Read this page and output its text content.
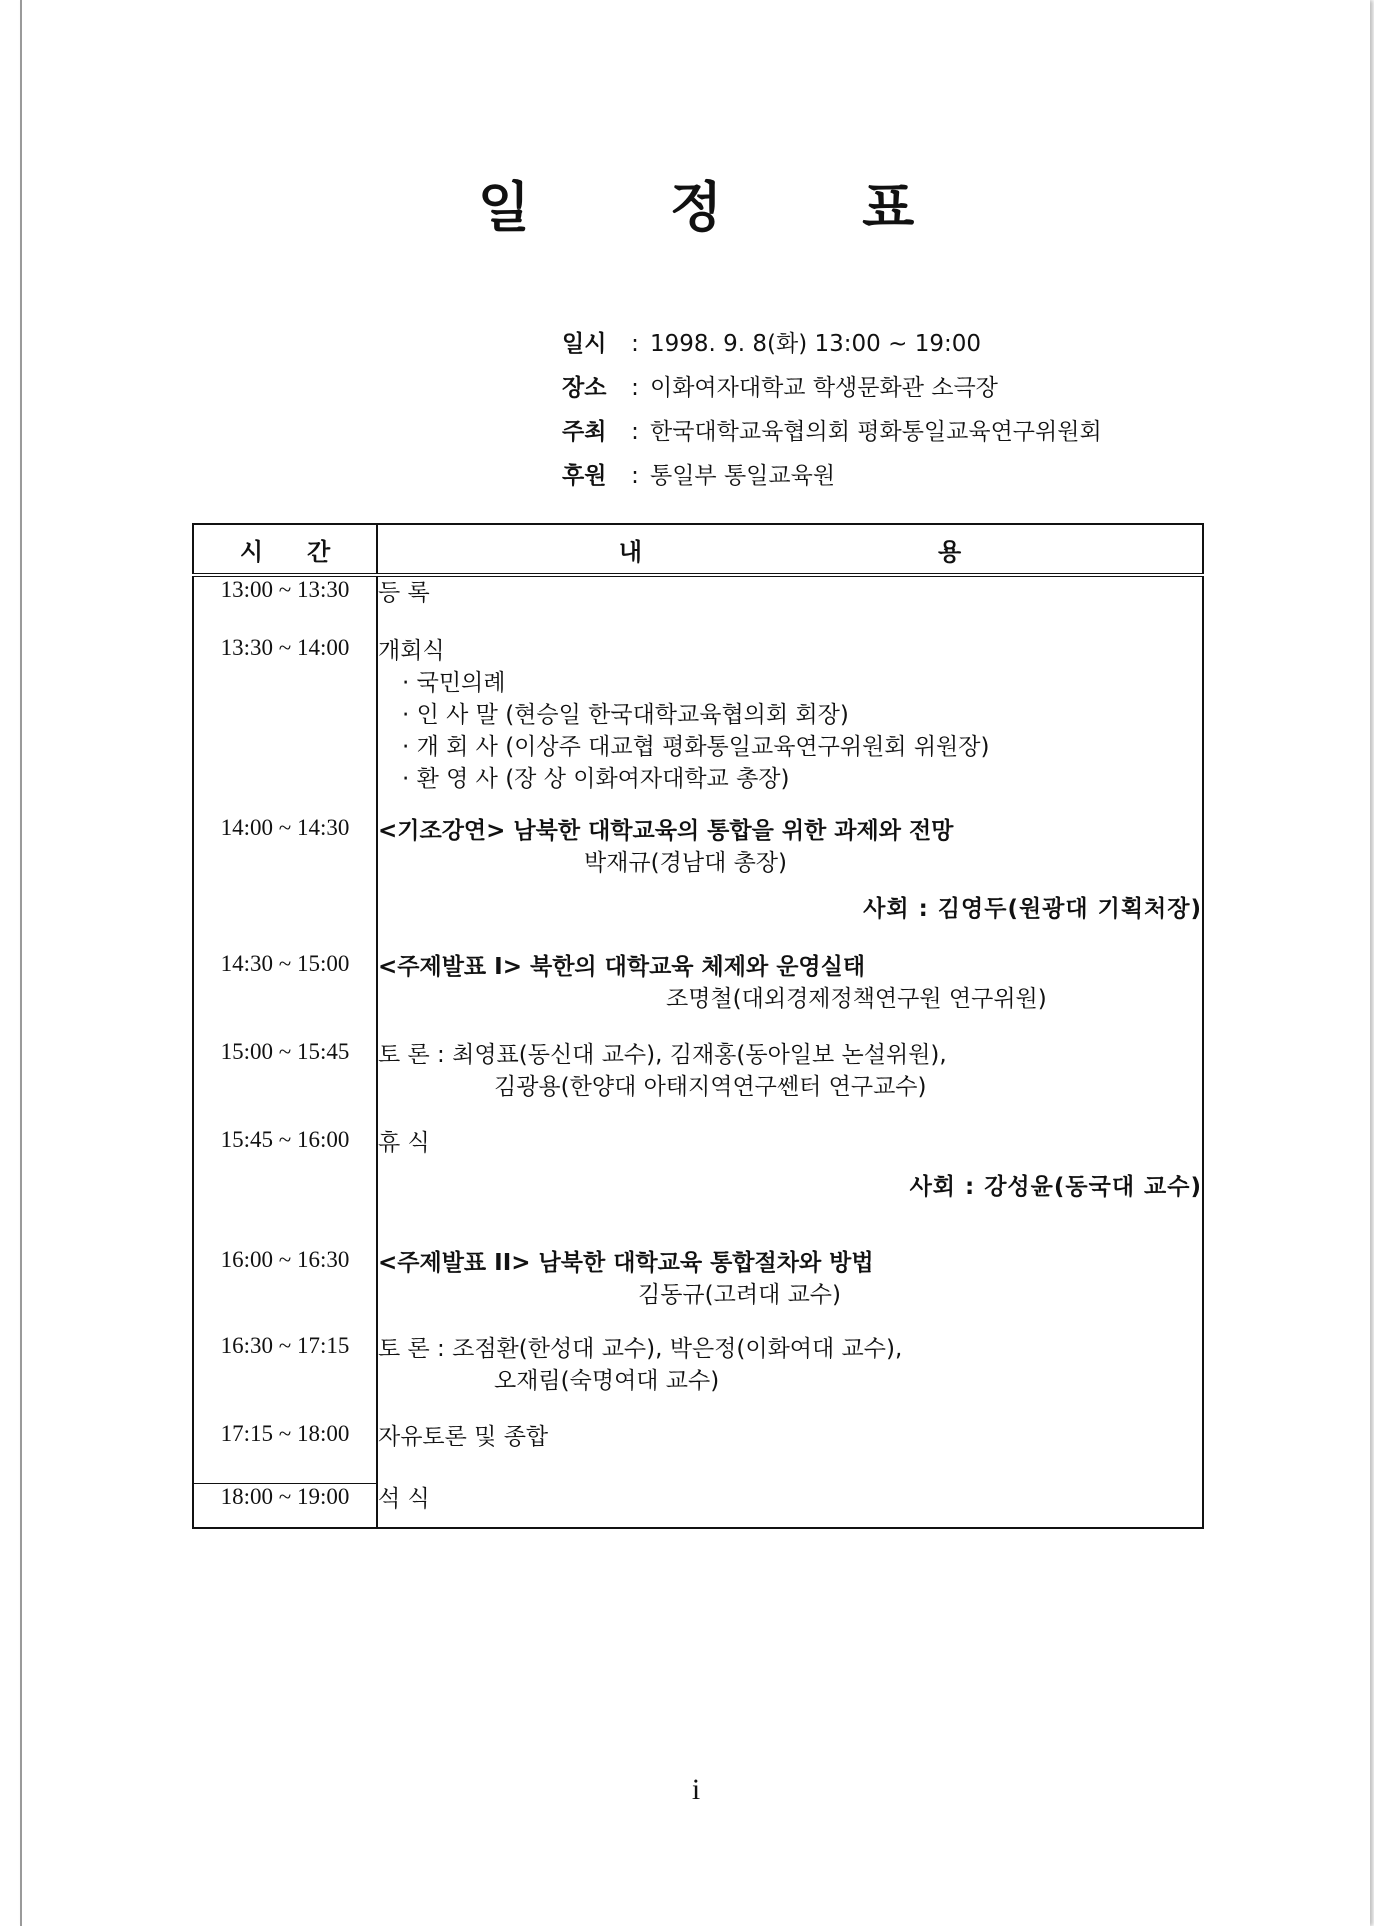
일	정	표
일시 : 1998. 9. 8(화) 13:00 ~ 19:00
장소 : 이화여자대학교 학생문화관 소극장
주최 : 한국대학교육협의회 평화통일교육연구위원회
후원 : 통일부 통일교육원
시 간	내 용
13:00 ~ 13:30	등 록

13:30 ~ 14:00	개회식
· 국민의례
· 인 사 말 (현승일 한국대학교육협의회 회장)
· 개 회 사 (이상주 대교협 평화통일교육연구위원회 위원장)
· 환 영 사 (장 상 이화여자대학교 총장)

14:00 ~ 14:30	<기조강연> 남북한 대학교육의 통합을 위한 과제와 전망
박재규(경남대 총장)

	사회 : 김영두(원광대 기획처장)
14:30 ~ 15:00	<주제발표 I> 북한의 대학교육 체제와 운영실태
조명철(대외경제정책연구원 연구위원)

15:00 ~ 15:45	토 론 : 최영표(동신대 교수), 김재홍(동아일보 논설위원),
김광용(한양대 아태지역연구쎈터 연구교수)

15:45 ~ 16:00	휴 식

	사회 : 강성윤(동국대 교수)
16:00 ~ 16:30	<주제발표 II> 남북한 대학교육 통합절차와 방법
김동규(고려대 교수)

16:30 ~ 17:15	토 론 : 조점환(한성대 교수), 박은정(이화여대 교수),
오재림(숙명여대 교수)

17:15 ~ 18:00	자유토론 및 종합

18:00 ~ 19:00	석 식
i
